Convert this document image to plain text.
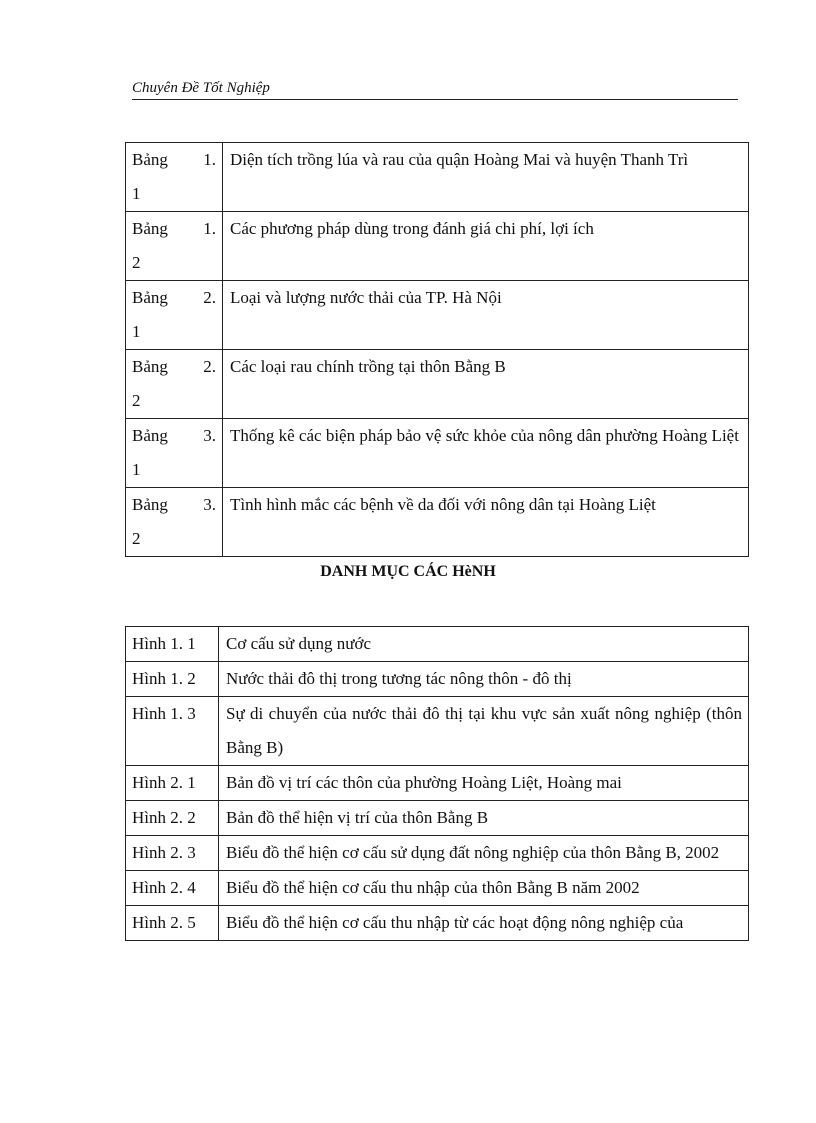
Chuyên Đề Tốt Nghiệp
Bảng 1.
1	Diện tích trồng lúa và rau của quận Hoàng Mai và huyện Thanh Trì

Bảng 1.
2	Các phương pháp dùng trong đánh giá chi phí, lợi ích

Bảng 2.
1	Loại và lượng nước thải của TP. Hà Nội

Bảng 2.
2	Các loại rau chính trồng tại thôn Bằng B

Bảng 3.
1	Thống kê các biện pháp bảo vệ sức khỏe của nông dân phường Hoàng Liệt

Bảng 3.
2	Tình hình mắc các bệnh về da đối với nông dân tại Hoàng Liệt
DANH MỤC CÁC HèNH
Hình 1. 1	Cơ cấu sử dụng nước
Hình 1. 2	Nước thải đô thị trong tương tác nông thôn - đô thị
Hình 1. 3	Sự di chuyển của nước thải đô thị tại khu vực sản xuất nông nghiệp (thôn Bằng B)
Hình 2. 1	Bản đồ vị trí các thôn của phường Hoàng Liệt, Hoàng mai
Hình 2. 2	Bản đồ thể hiện vị trí của thôn Bằng B
Hình 2. 3	Biểu đồ thể hiện cơ cấu sử dụng đất nông nghiệp của thôn Bằng B, 2002
Hình 2. 4	Biểu đồ thể hiện cơ cấu thu nhập của thôn Bằng B năm 2002
Hình 2. 5	Biểu đồ thể hiện cơ cấu thu nhập từ các hoạt động nông nghiệp của
